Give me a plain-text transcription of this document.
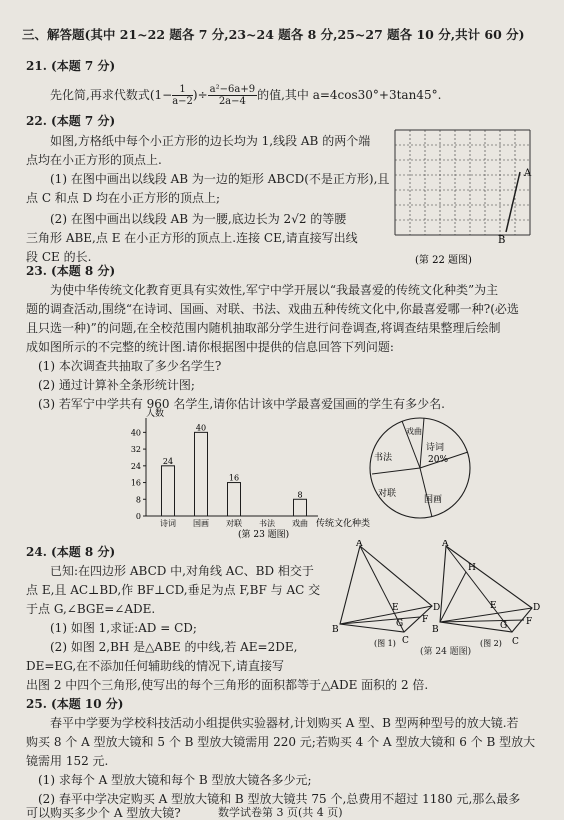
三、解答题(其中 21~22 题各 7 分,23~24 题各 8 分,25~27 题各 10 分,共计 60 分)
21. (本题 7 分)
先化简,再求代数式($1- \frac{1}{a-2}$ )÷ $\frac{\text{a²−6a+9}}{2a-4}$ 的值,其中 a=4cos30°+3tan45°.
22. (本题 7 分)
如图,方格纸中每个小正方形的边长均为 1,线段 AB 的两个端
点均在小正方形的顶点上.
(1) 在图中画出以线段 AB 为一边的矩形 ABCD(不是正方形),且
点 C 和点 D 均在小正方形的顶点上;
(2) 在图中画出以线段 AB 为一腰,底边长为 2√2 的等腰
三角形 ABE,点 E 在小正方形的顶点上.连接 CE,请直接写出线
段 CE 的长.
A
B
(第 22 题图)
23. (本题 8 分)
为使中华传统文化教育更具有实效性,军宁中学开展以“我最喜爱的传统文化种类”为主
题的调查活动,围绕“在诗词、国画、对联、书法、戏曲五种传统文化中,你最喜爱哪一种?(必选
且只选一种)”的问题,在全校范围内随机抽取部分学生进行问卷调查,将调查结果整理后绘制
成如图所示的不完整的统计图.请你根据图中提供的信息回答下列问题:
(1) 本次调查共抽取了多少名学生?
(2) 通过计算补全条形统计图;
(3) 若军宁中学共有 960 名学生,请你估计该中学最喜爱国画的学生有多少名.
人数
传统文化种类
(第 23 题图)
0
8
16
24
32
40
24
诗词
40
国画
16
对联 书法
8
戏曲
戏曲
诗词
20%
国画
对联
书法
24. (本题 8 分)
已知:在四边形 ABCD 中,对角线 AC、BD 相交于
点 E,且 AC⊥BD,作 BF⊥CD,垂足为点 F,BF 与 AC 交
于点 G,∠BGE=∠ADE.
(1) 如图 1,求证:AD = CD;
(2) 如图 2,BH 是△ABE 的中线,若 AE=2DE,
DE=EG,在不添加任何辅助线的情况下,请直接写
出图 2 中四个三角形,使写出的每个三角形的面积都等于△ADE 面积的 2 倍.
A
B
C
D
E
F
G
(图 1)
A
B
C
D
E
F
G
H
(图 2)
(第 24 题图)
25. (本题 10 分)
春平中学要为学校科技活动小组提供实验器材,计划购买 A 型、B 型两种型号的放大镜.若
购买 8 个 A 型放大镜和 5 个 B 型放大镜需用 220 元;若购买 4 个 A 型放大镜和 6 个 B 型放大
镜需用 152 元.
(1) 求每个 A 型放大镜和每个 B 型放大镜各多少元;
(2) 春平中学决定购买 A 型放大镜和 B 型放大镜共 75 个,总费用不超过 1180 元,那么最多
可以购买多少个 A 型放大镜?	数学试卷第 3 页(共 4 页)
